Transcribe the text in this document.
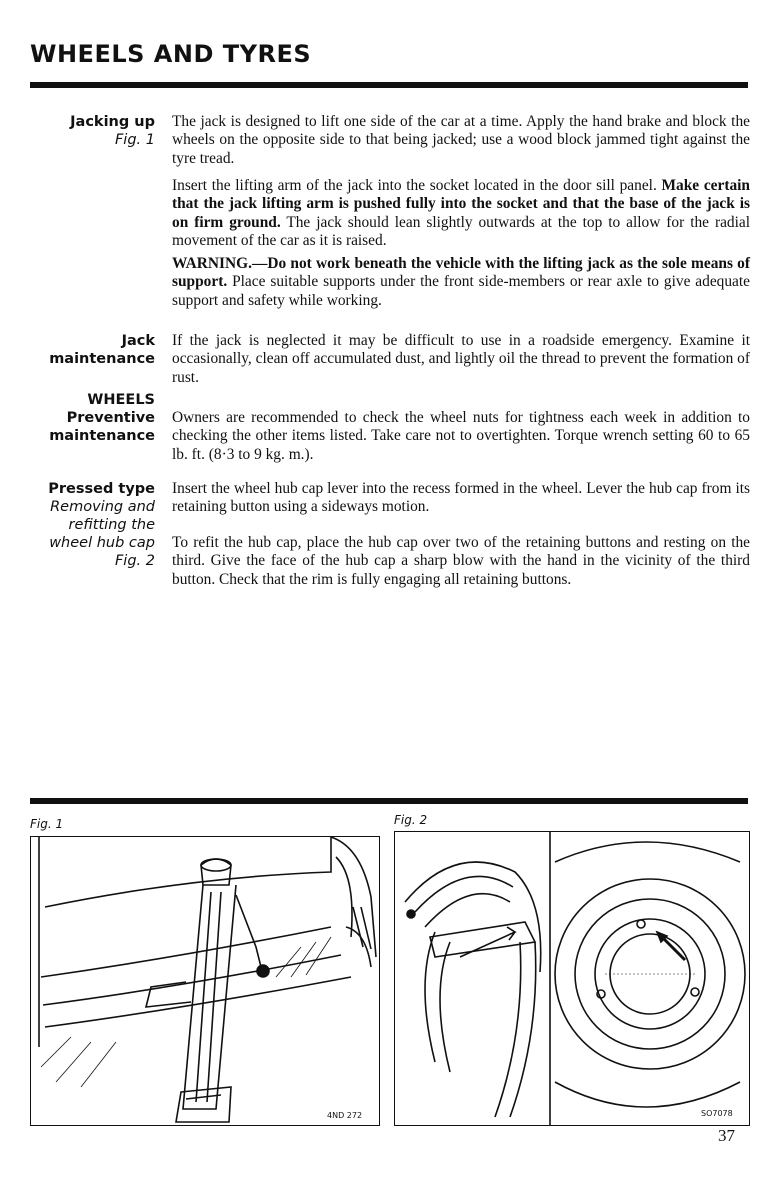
WHEELS AND TYRES
Jacking up
Fig. 1

The jack is designed to lift one side of the car at a time. Apply the hand brake and block the wheels on the opposite side to that being jacked; use a wood block jammed tight against the tyre tread.

Insert the lifting arm of the jack into the socket located in the door sill panel. Make certain that the jack lifting arm is pushed fully into the socket and that the base of the jack is on firm ground. The jack should lean slightly outwards at the top to allow for the radial movement of the car as it is raised.

WARNING.—Do not work beneath the vehicle with the lifting jack as the sole means of support. Place suitable supports under the front side-members or rear axle to give adequate support and safety while working.

Jack
maintenance

If the jack is neglected it may be difficult to use in a roadside emergency. Examine it occasionally, clean off accumulated dust, and lightly oil the thread to prevent the formation of rust.

WHEELS
Preventive
maintenance

Owners are recommended to check the wheel nuts for tightness each week in addition to checking the other items listed. Take care not to overtighten. Torque wrench setting 60 to 65 lb. ft. (8·3 to 9 kg. m.).

Pressed type
Removing and
refitting the
wheel hub cap
Fig. 2

Insert the wheel hub cap lever into the recess formed in the wheel. Lever the hub cap from its retaining button using a sideways motion.

To refit the hub cap, place the hub cap over two of the retaining buttons and resting on the third. Give the face of the hub cap a sharp blow with the hand in the vicinity of the third button. Check that the rim is fully engaging all retaining buttons.

Fig. 1
4ND 272
Fig. 2
SO7078
37
